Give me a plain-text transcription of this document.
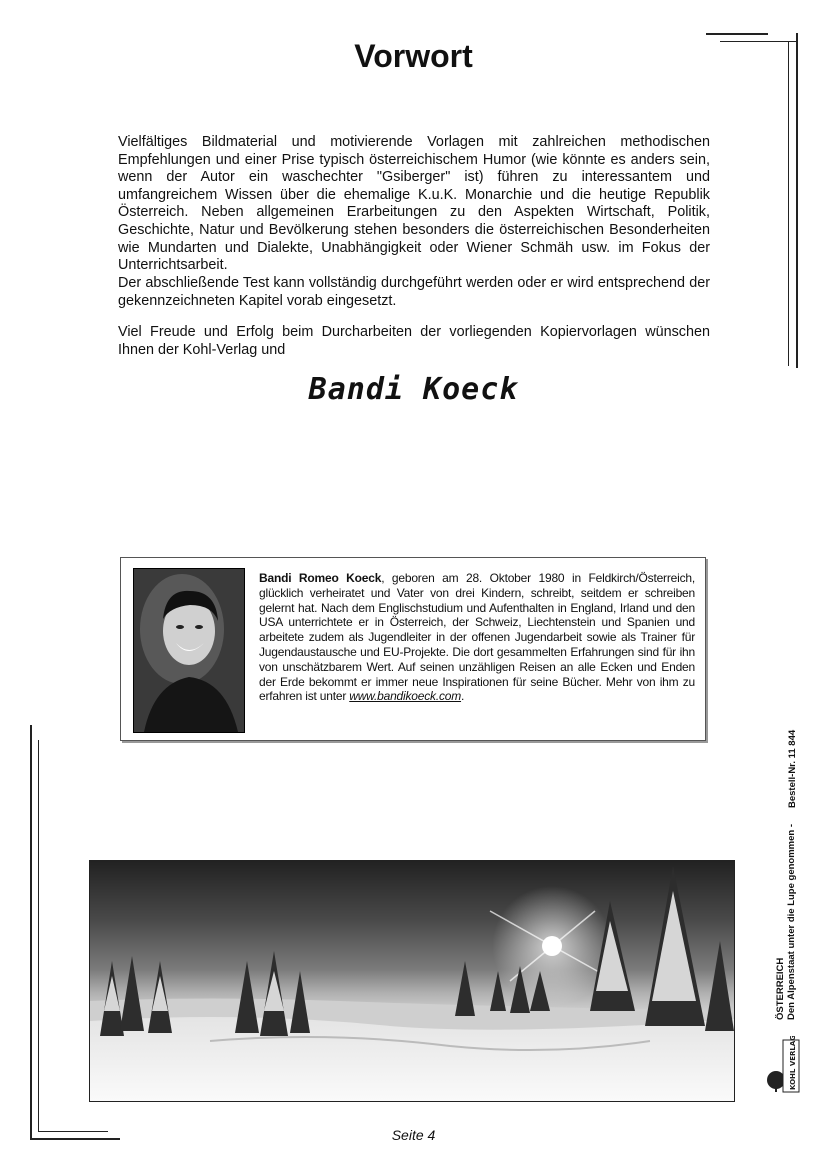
Vorwort

Vielfältiges Bildmaterial und motivierende Vorlagen mit zahlreichen methodischen Empfehlungen und einer Prise typisch österreichischem Humor (wie könnte es anders sein, wenn der Autor ein waschechter "Gsiberger" ist) führen zu interessantem und umfangreichem Wissen über die ehemalige K.u.K. Monarchie und die heutige Republik Österreich. Neben allgemeinen Erarbeitungen zu den Aspekten Wirtschaft, Politik, Geschichte, Natur und Bevölkerung stehen besonders die österreichischen Besonderheiten wie Mundarten und Dialekte, Unabhängigkeit oder Wiener Schmäh usw. im Fokus der Unterrichtsarbeit.

Der abschließende Test kann vollständig durchgeführt werden oder er wird entsprechend der gekennzeichneten Kapitel vorab eingesetzt.

Viel Freude und Erfolg beim Durcharbeiten der vorliegenden Kopiervorlagen wünschen Ihnen der Kohl-Verlag und

Bandi Koeck
Bandi Romeo Koeck, geboren am 28. Oktober 1980 in Feldkirch/Österreich, glücklich verheiratet und Vater von drei Kindern, schreibt, seitdem er schreiben gelernt hat. Nach dem Englischstudium und Aufenthalten in England, Irland und den USA unterrichtete er in Österreich, der Schweiz, Liechtenstein und Spanien und arbeitete zudem als Jugendleiter in der offenen Jugendarbeit sowie als Trainer für Jugendaustausche und EU-Projekte. Die dort gesammelten Erfahrungen sind für ihn von unschätzbarem Wert. Auf seinen unzähligen Reisen an alle Ecken und Enden der Erde bekommt er immer neue Inspirationen für seine Bücher. Mehr von ihm zu erfahren ist unter www.bandikoeck.com.
Bestell-Nr. 11 844
ÖSTERREICH Den Alpenstaat unter die Lupe genommen -
KOHL VERLAG
Seite 4
